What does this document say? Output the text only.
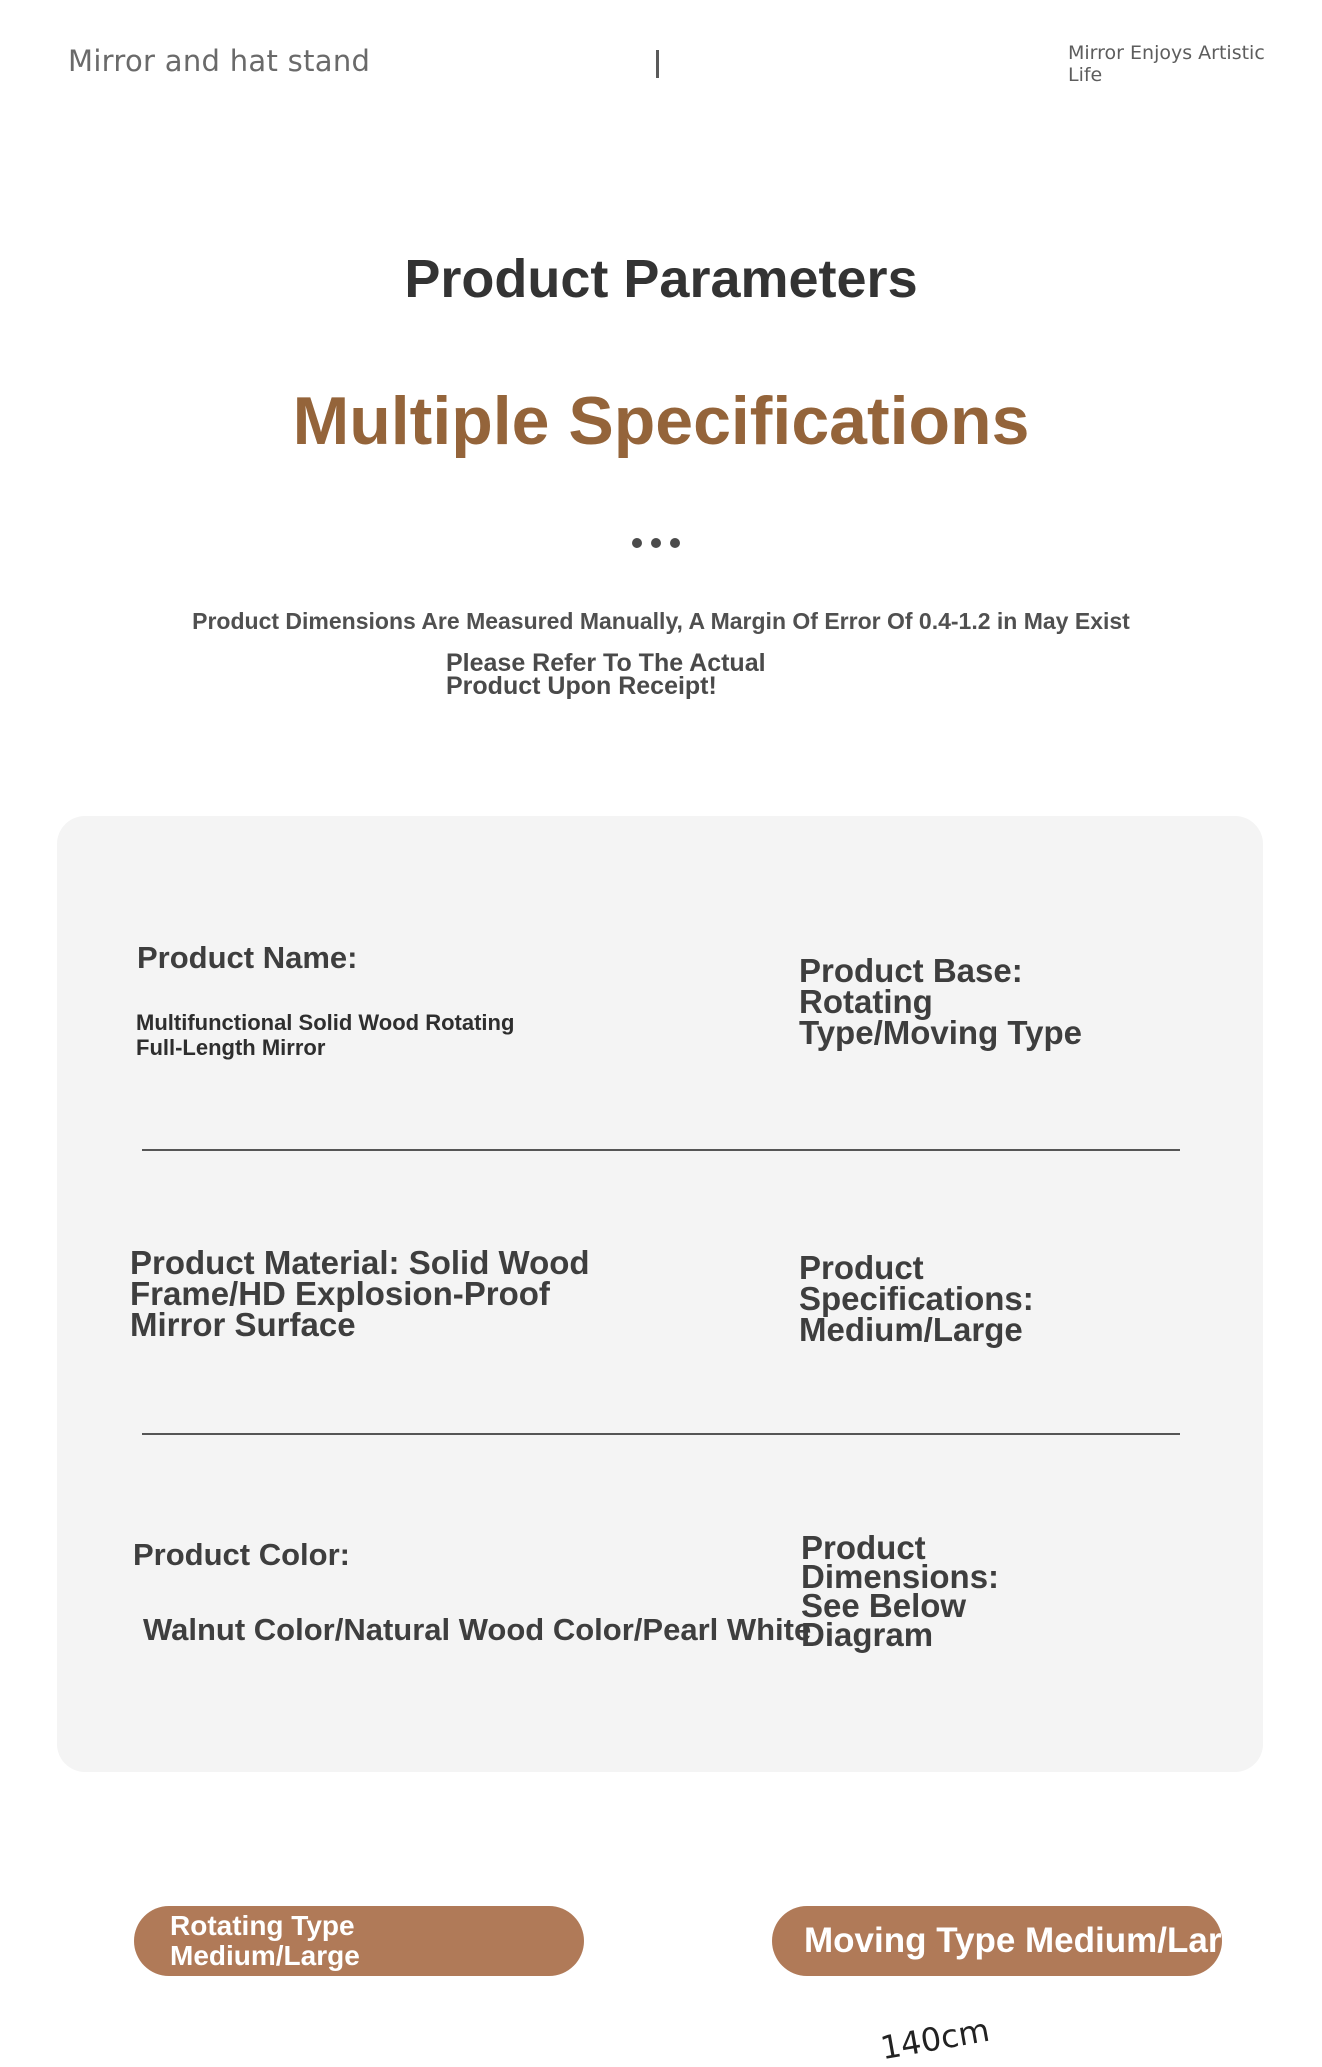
Mirror and hat stand	Mirror Enjoys Artistic Life
Product Parameters
Multiple Specifications
Product Dimensions Are Measured Manually, A Margin Of Error Of 0.4-1.2 in May Exist
Please Refer To The Actual Product Upon Receipt!
Product Name:
Multifunctional Solid Wood Rotating Full-Length Mirror
Product Base: Rotating Type/Moving Type
Product Material: Solid Wood Frame/HD Explosion-Proof Mirror Surface
Product Specifications: Medium/Large
Product Color:
Walnut Color/Natural Wood Color/Pearl White
Product Dimensions: See Below Diagram
Rotating Type Medium/Large	Moving Type Medium/Large
140cm
